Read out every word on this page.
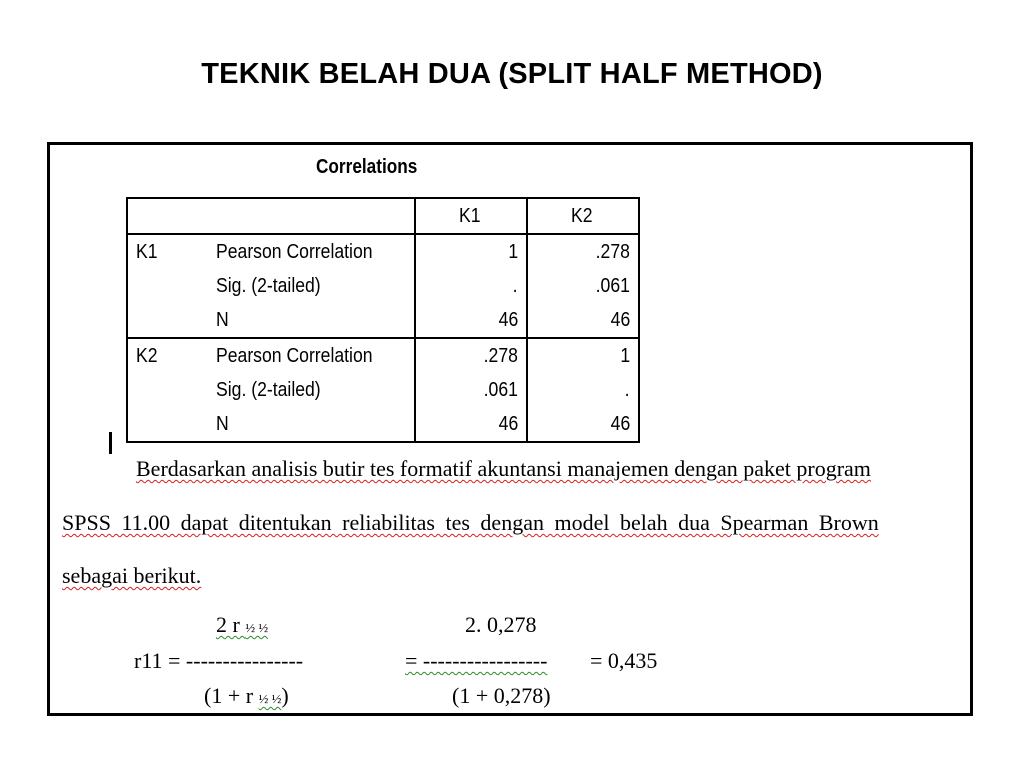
TEKNIK BELAH DUA (SPLIT HALF METHOD)
Correlations
		K1	K2
K1	Pearson Correlation	1	.278
	Sig. (2-tailed)	.	.061
	N	46	46
K2	Pearson Correlation	.278	1
	Sig. (2-tailed)	.061	.
	N	46	46
Berdasarkan analisis butir tes formatif akuntansi manajemen dengan paket program
SPSS 11.00 dapat ditentukan reliabilitas tes dengan model belah dua Spearman Brown
sebagai berikut.
2 r ½ ½	2. 0,278
r11 = ----------------	= ----------------- = 0,435
(1 + r ½ ½)	(1 + 0,278)
